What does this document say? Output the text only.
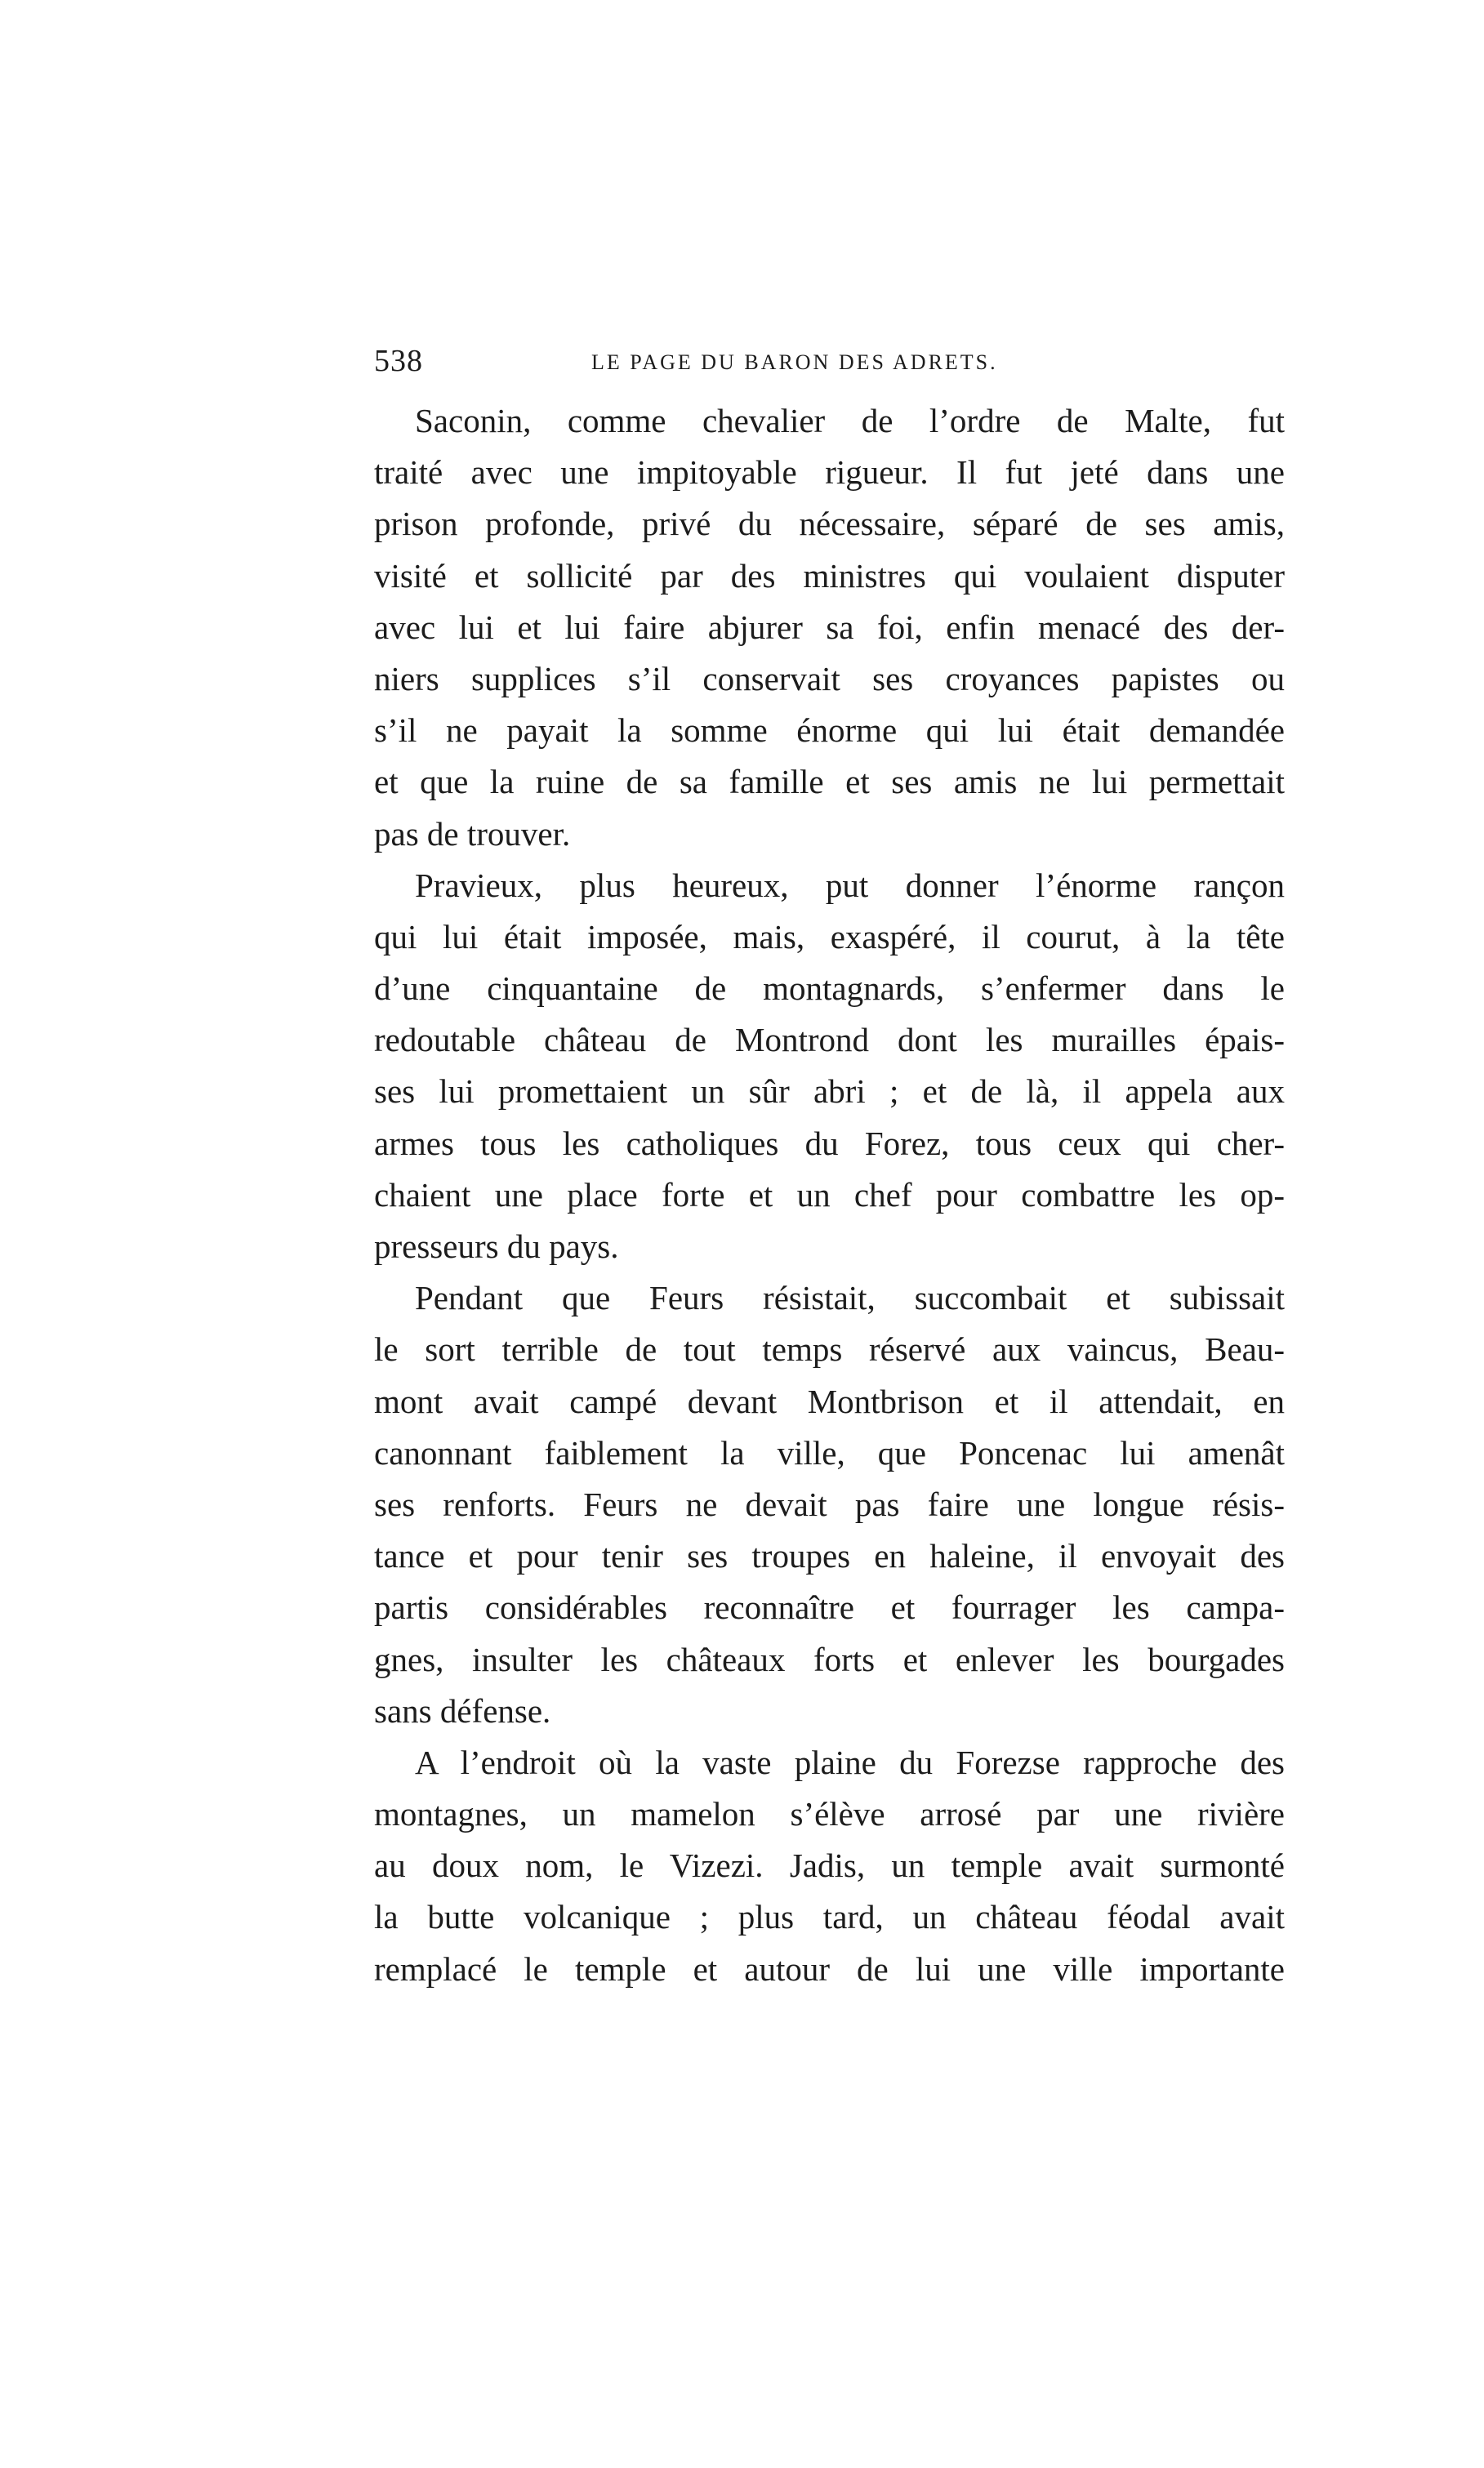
538	LE PAGE DU BARON DES ADRETS.
Saconin, comme chevalier de l’ordre de Malte, fut
traité avec une impitoyable rigueur. Il fut jeté dans une
prison profonde, privé du nécessaire, séparé de ses amis,
visité et sollicité par des ministres qui voulaient disputer
avec lui et lui faire abjurer sa foi, enfin menacé des der-
niers supplices s’il conservait ses croyances papistes ou
s’il ne payait la somme énorme qui lui était demandée
et que la ruine de sa famille et ses amis ne lui permettait
pas de trouver.
Pravieux, plus heureux, put donner l’énorme rançon
qui lui était imposée, mais, exaspéré, il courut, à la tête
d’une cinquantaine de montagnards, s’enfermer dans le
redoutable château de Montrond dont les murailles épais-
ses lui promettaient un sûr abri ; et de là, il appela aux
armes tous les catholiques du Forez, tous ceux qui cher-
chaient une place forte et un chef pour combattre les op-
presseurs du pays.
Pendant que Feurs résistait, succombait et subissait
le sort terrible de tout temps réservé aux vaincus, Beau-
mont avait campé devant Montbrison et il attendait, en
canonnant faiblement la ville, que Poncenac lui amenât
ses renforts. Feurs ne devait pas faire une longue résis-
tance et pour tenir ses troupes en haleine, il envoyait des
partis considérables reconnaître et fourrager les campa-
gnes, insulter les châteaux forts et enlever les bourgades
sans défense.
A l’endroit où la vaste plaine du Forezse rapproche des
montagnes, un mamelon s’élève arrosé par une rivière
au doux nom, le Vizezi. Jadis, un temple avait surmonté
la butte volcanique ; plus tard, un château féodal avait
remplacé le temple et autour de lui une ville importante
